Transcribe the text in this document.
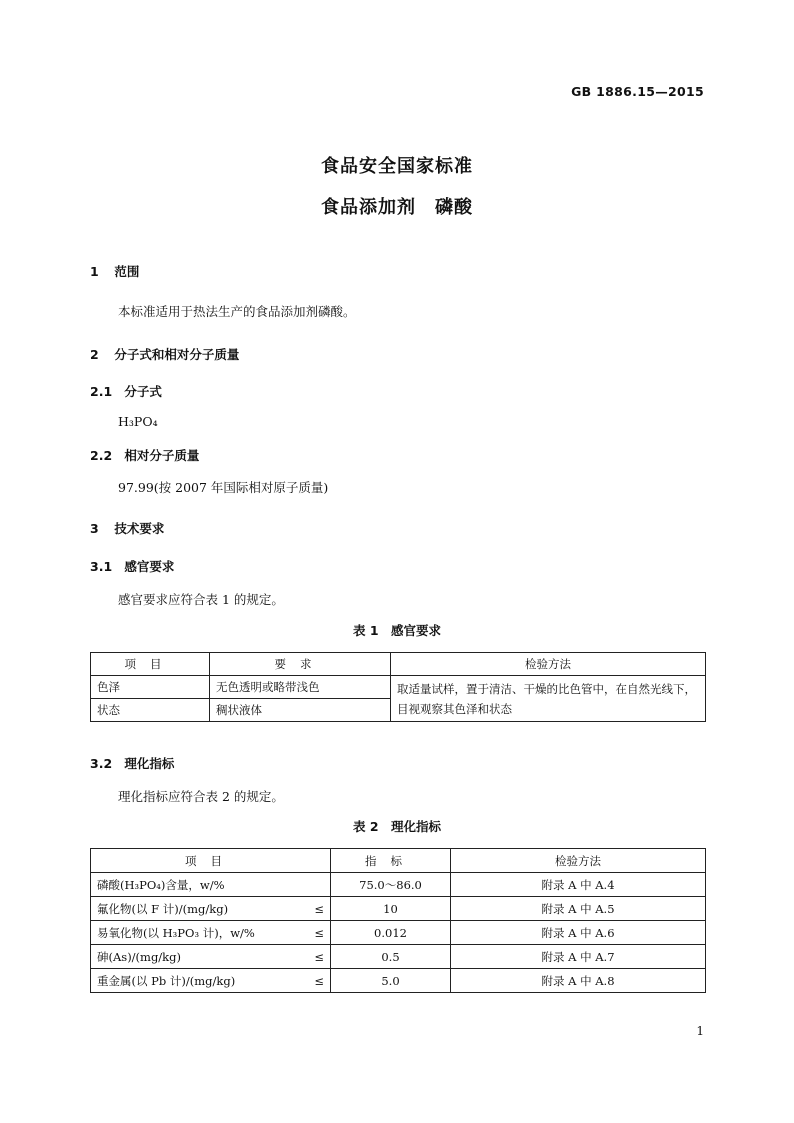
GB 1886.15—2015
食品安全国家标准
食品添加剂　磷酸
1 范围
本标准适用于热法生产的食品添加剂磷酸。
2 分子式和相对分子质量
2.1 分子式
H₃PO₄
2.2 相对分子质量
97.99(按 2007 年国际相对原子质量)
3 技术要求
3.1 感官要求
感官要求应符合表 1 的规定。
表 1　感官要求
项目	要求	检验方法
色泽	无色透明或略带浅色	取适量试样，置于清洁、干燥的比色管中，在自然光线下，目视观察其色泽和状态
状态	稠状液体	
3.2 理化指标
理化指标应符合表 2 的规定。
表 2　理化指标
项目	指标	检验方法
磷酸(H₃PO₄)含量，w/%	75.0～86.0	附录 A 中 A.4
氟化物(以 F 计)/(mg/kg) ≤	10	附录 A 中 A.5
易氧化物(以 H₃PO₃ 计)，w/% ≤	0.012	附录 A 中 A.6
砷(As)/(mg/kg) ≤	0.5	附录 A 中 A.7
重金属(以 Pb 计)/(mg/kg) ≤	5.0	附录 A 中 A.8
1
